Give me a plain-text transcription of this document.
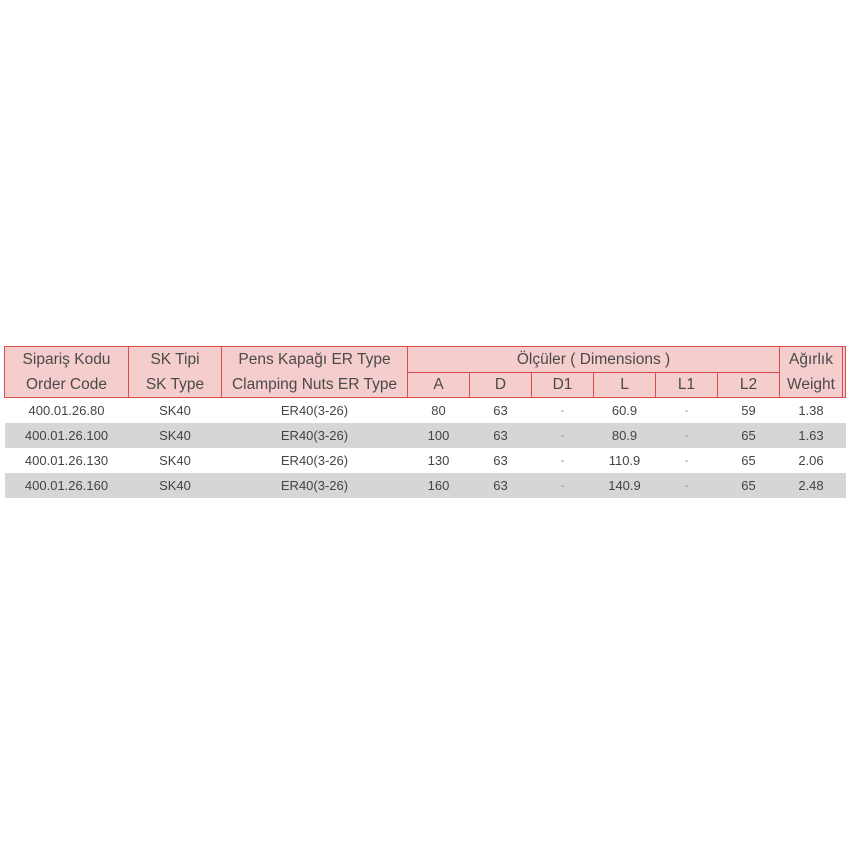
Sipariş Kodu	SK Tipi	Pens Kapağı ER Type	Ölçüler ( Dimensions )						Ağırlık	
Order Code	SK Type	Clamping Nuts ER Type	A	D	D1	L	L1	L2	Weight	
400.01.26.80	SK40	ER40(3-26)	80	63	-	60.9	-	59	1.38	
400.01.26.100	SK40	ER40(3-26)	100	63	-	80.9	-	65	1.63	
400.01.26.130	SK40	ER40(3-26)	130	63	-	110.9	-	65	2.06	
400.01.26.160	SK40	ER40(3-26)	160	63	-	140.9	-	65	2.48	
